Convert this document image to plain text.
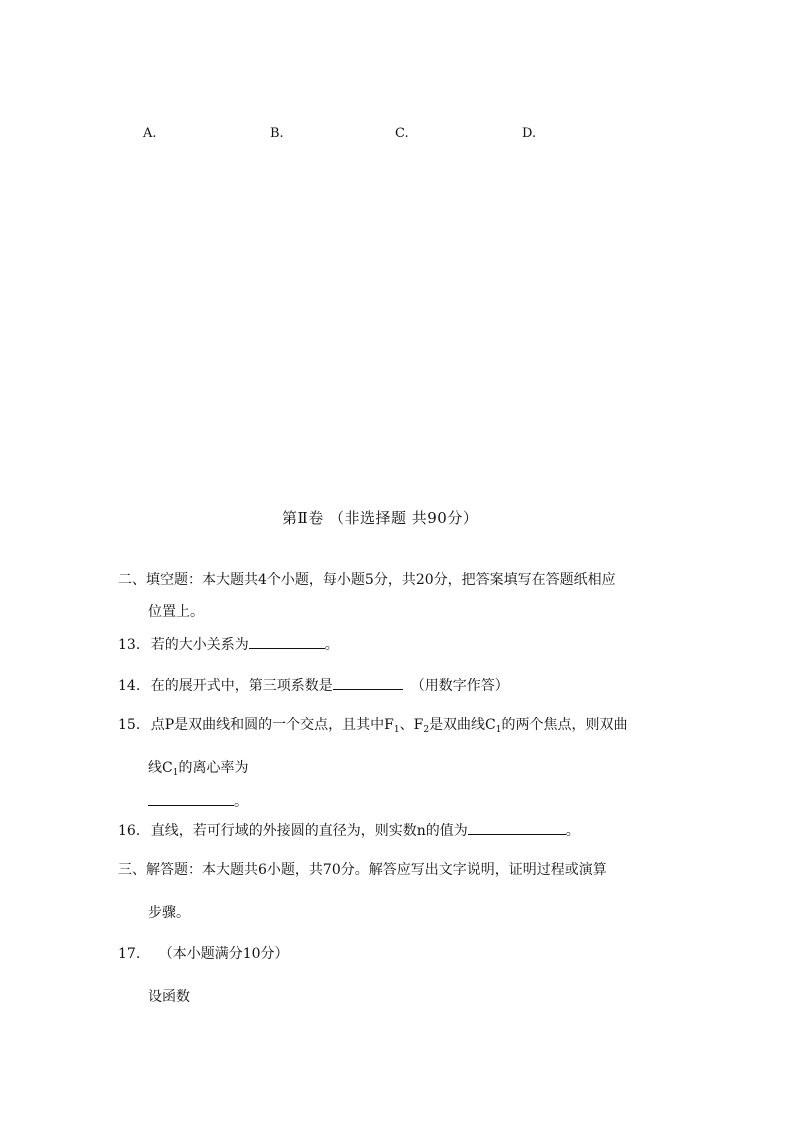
A.	B.	C.	D.
第Ⅱ卷 （非选择题 共90分）
二、填空题：本大题共4个小题，每小题5分，共20分，把答案填写在答题纸相应
位置上。
13. 若的大小关系为	。
14. 在的展开式中，第三项系数是	（用数字作答）
15. 点P是双曲线和圆的一个交点，且其中$F_1$、$F_2$是双曲线$C_1$的两个焦点，则双曲
线$C_1$的离心率为
。
16. 直线，若可行域的外接圆的直径为，则实数n的值为	。
三、解答题：本大题共6小题，共70分。解答应写出文字说明，证明过程或演算
步骤。
17. （本小题满分10分）
设函数
